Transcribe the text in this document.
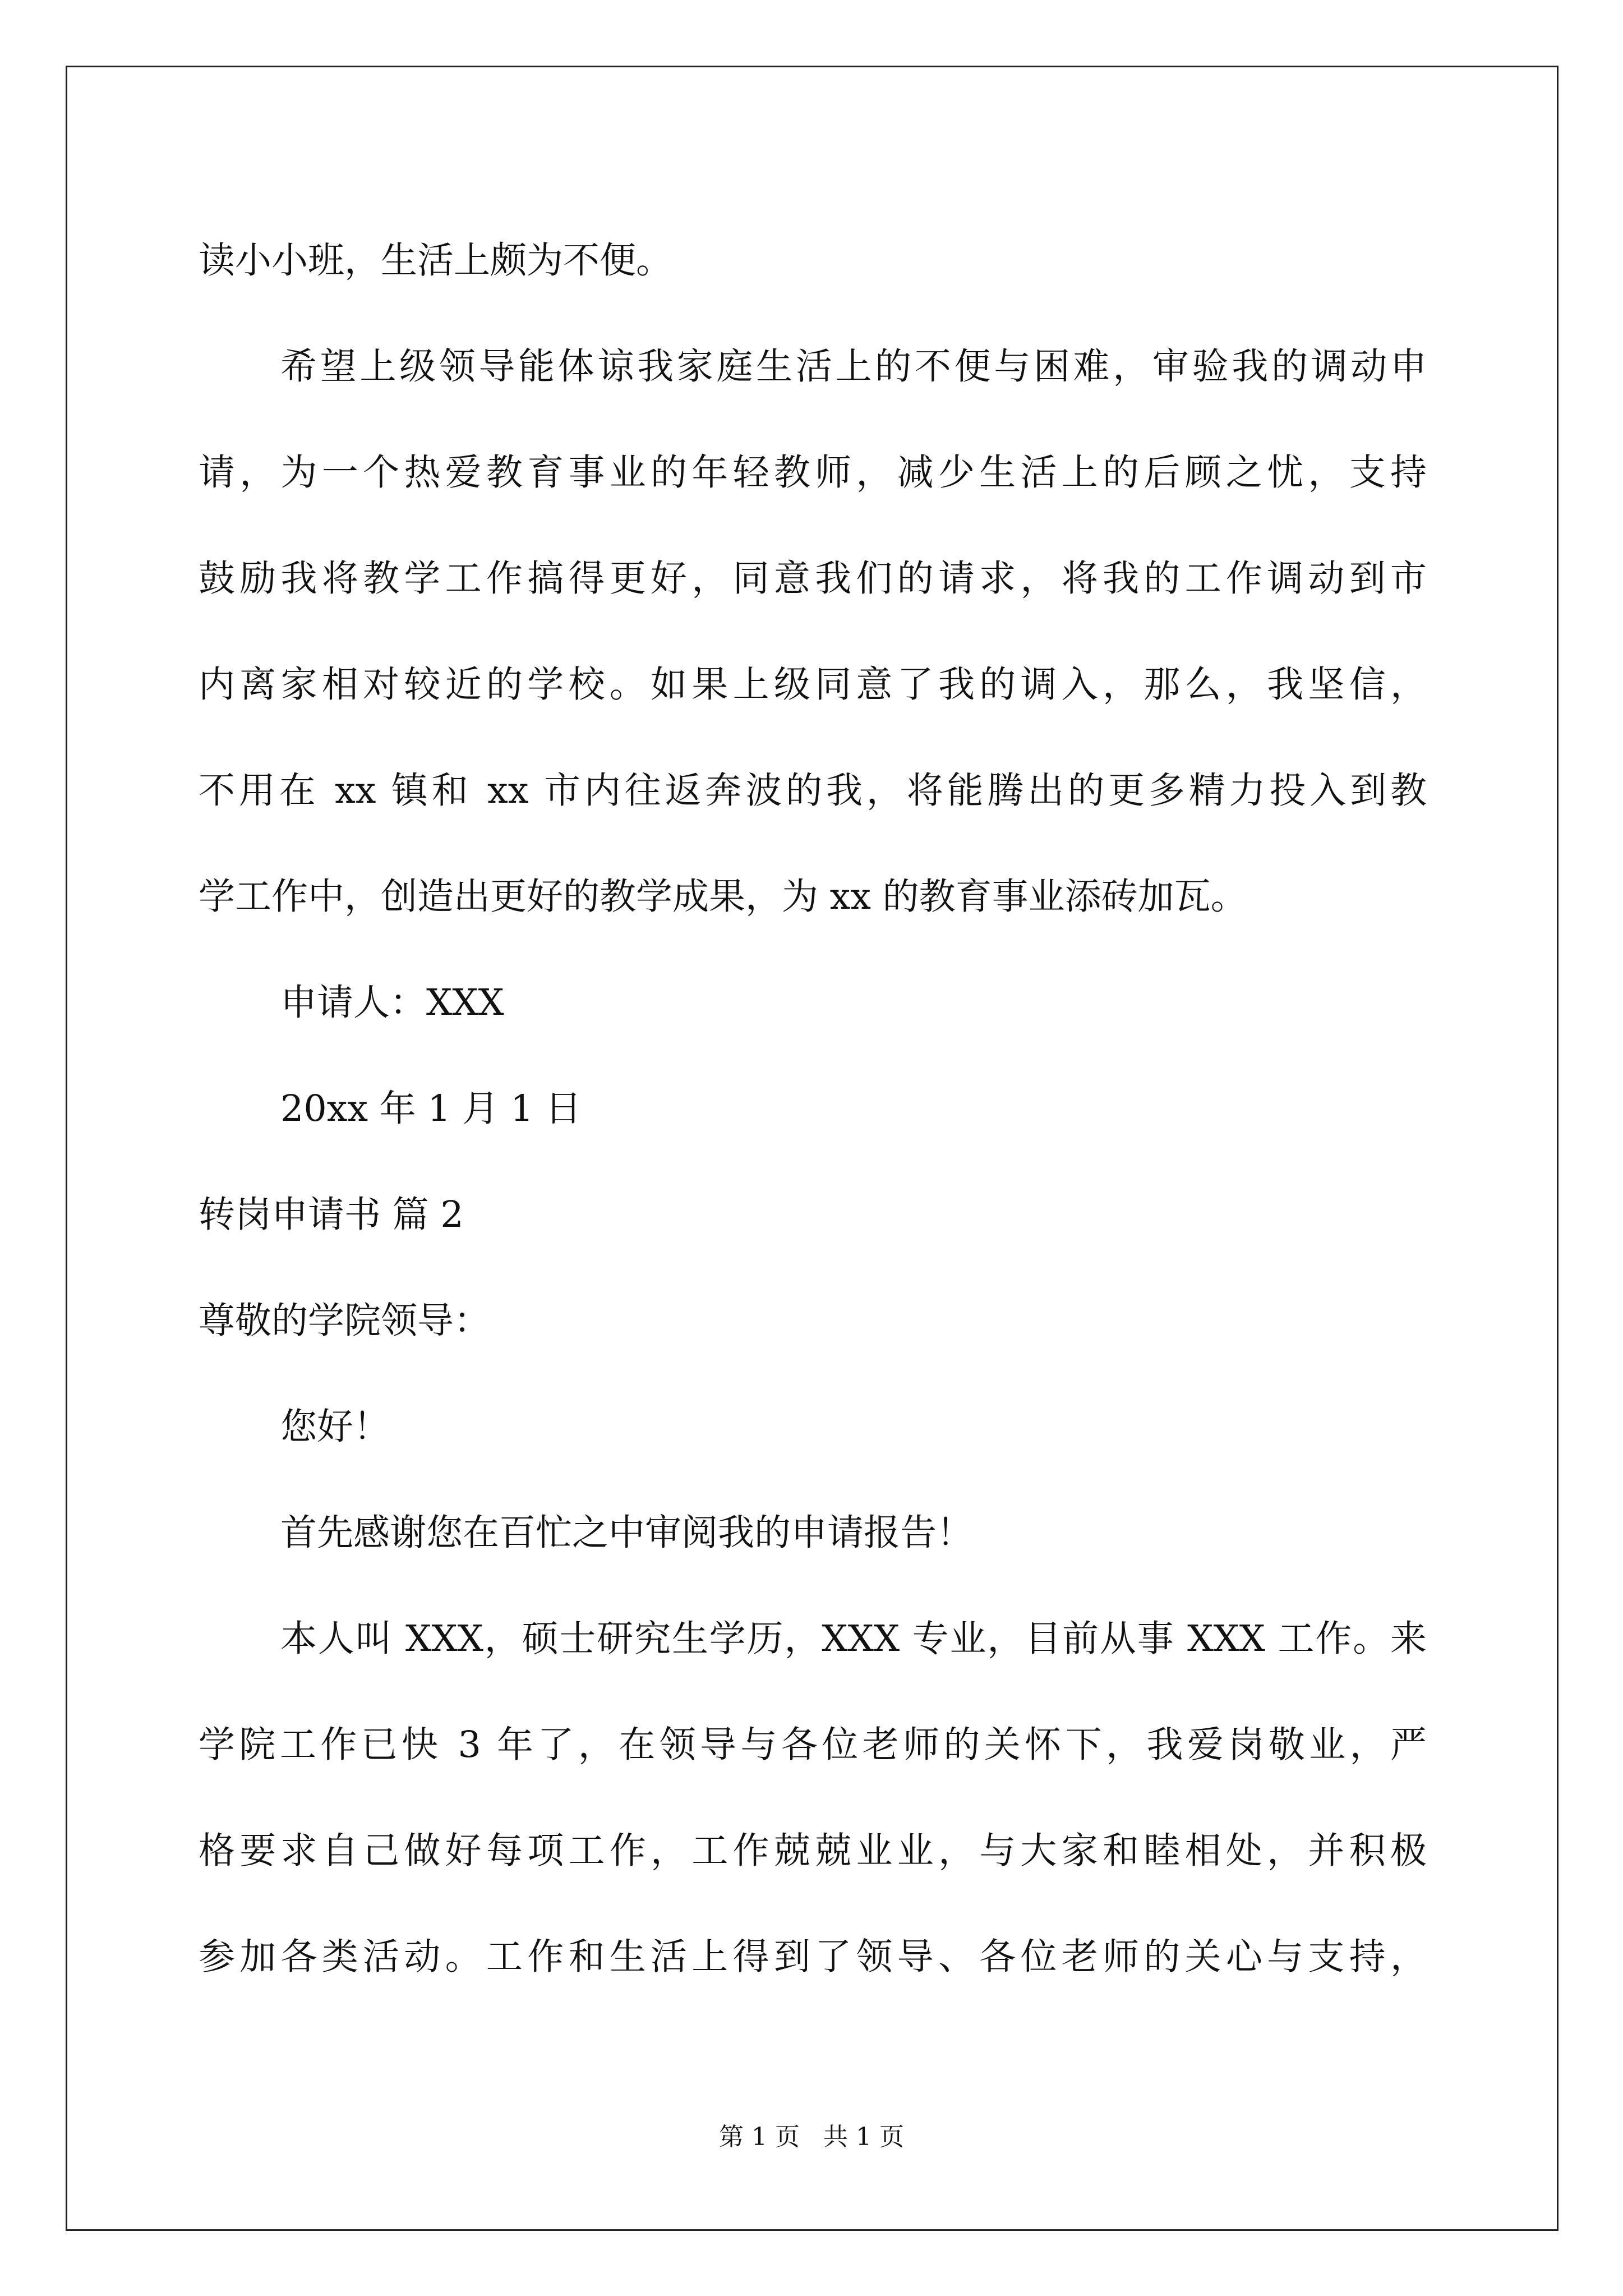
读小小班，生活上颇为不便。
希望上级领导能体谅我家庭生活上的不便与困难，审验我的调动申
请，为一个热爱教育事业的年轻教师，减少生活上的后顾之忧，支持
鼓励我将教学工作搞得更好，同意我们的请求，将我的工作调动到市
内离家相对较近的学校。如果上级同意了我的调入，那么，我坚信，
不用在 xx 镇和 xx 市内往返奔波的我，将能腾出的更多精力投入到教
学工作中，创造出更好的教学成果，为 xx 的教育事业添砖加瓦。
申请人：XXX
20xx 年 1 月 1 日
转岗申请书 篇 2
尊敬的学院领导：
您好！
首先感谢您在百忙之中审阅我的申请报告！
本人叫 XXX，硕士研究生学历，XXX 专业，目前从事 XXX 工作。来
学院工作已快 3 年了，在领导与各位老师的关怀下，我爱岗敬业，严
格要求自己做好每项工作，工作兢兢业业，与大家和睦相处，并积极
参加各类活动。工作和生活上得到了领导、各位老师的关心与支持，
第 1 页 共 1 页
